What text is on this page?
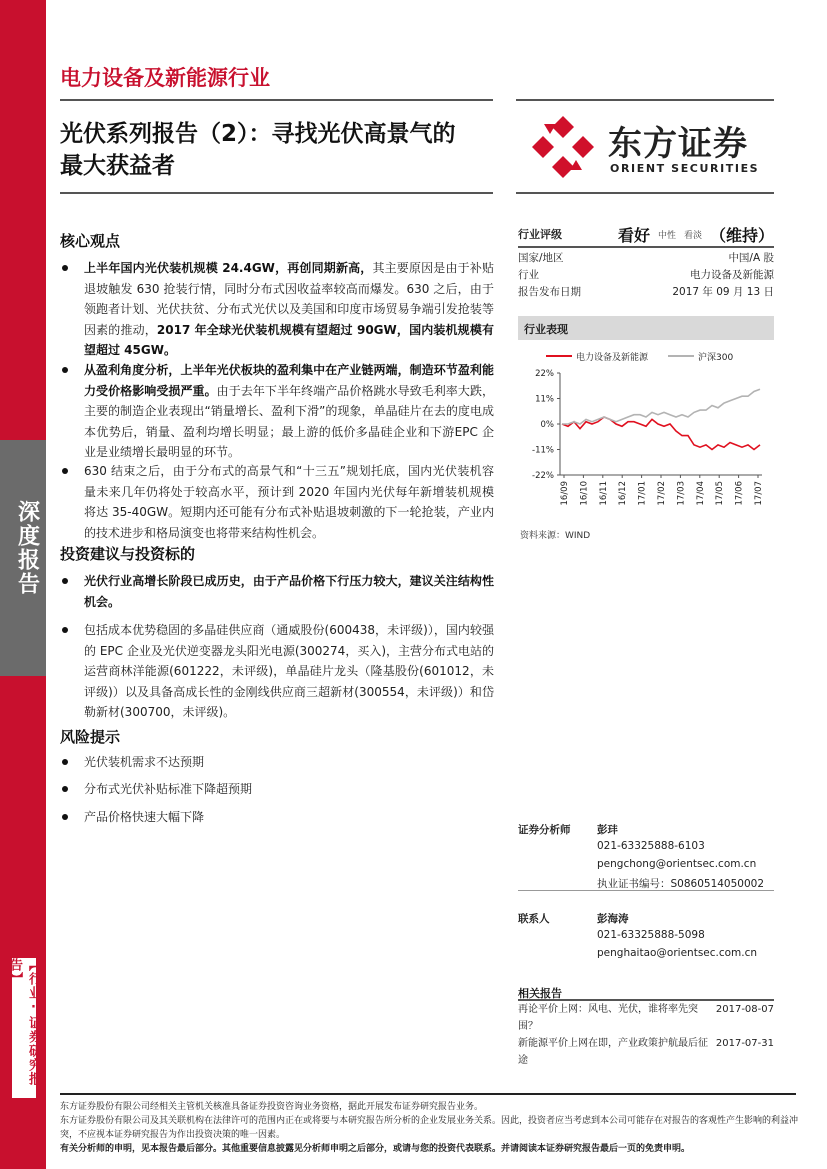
深度报告
【行业·证券研究报告】
电力设备及新能源行业
光伏系列报告（2）：寻找光伏高景气的
最大获益者
东方证券
ORIENT SECURITIES
核心观点
上半年国内光伏装机规模 24.4GW，再创同期新高，其主要原因是由于补贴退坡触发 630 抢装行情，同时分布式因收益率较高而爆发。630 之后，由于领跑者计划、光伏扶贫、分布式光伏以及美国和印度市场贸易争端引发抢装等因素的推动，2017 年全球光伏装机规模有望超过 90GW，国内装机规模有望超过 45GW。
从盈利角度分析，上半年光伏板块的盈利集中在产业链两端，制造环节盈利能力受价格影响受损严重。由于去年下半年终端产品价格跳水导致毛利率大跌，主要的制造企业表现出“销量增长、盈利下滑”的现象，单晶硅片在去的度电成本优势后，销量、盈利均增长明显；最上游的低价多晶硅企业和下游EPC 企业是业绩增长最明显的环节。
630 结束之后，由于分布式的高景气和“十三五”规划托底，国内光伏装机容量未来几年仍将处于较高水平，预计到 2020 年国内光伏每年新增装机规模将达 35-40GW。短期内还可能有分布式补贴退坡刺激的下一轮抢装，产业内的技术进步和格局演变也将带来结构性机会。
投资建议与投资标的
光伏行业高增长阶段已成历史，由于产品价格下行压力较大，建议关注结构性机会。
包括成本优势稳固的多晶硅供应商（通威股份(600438，未评级)），国内较强的 EPC 企业及光伏逆变器龙头阳光电源(300274，买入)，主营分布式电站的运营商林洋能源(601222，未评级)，单晶硅片龙头（隆基股份(601012，未评级)）以及具备高成长性的金刚线供应商三超新材(300554，未评级)）和岱勒新材(300700，未评级)。
风险提示
光伏装机需求不达预期
分布式光伏补贴标准下降超预期
产品价格快速大幅下降
行业评级	看好 中性 看淡 （维持）
国家/地区	中国/A 股
行业	电力设备及新能源
报告发布日期	2017 年 09 月 13 日
行业表现
电力设备及新能源	沪深300
22%
11%
0%
-11%
-22%
16/09 16/10 16/11 16/12 17/01 17/02 17/03 17/04 17/05 17/06 17/07
资料来源：WIND
证券分析师	彭玤
021-63325888-6103
pengchong@orientsec.com.cn
执业证书编号：S0860514050002
联系人	彭海涛
021-63325888-5098
penghaitao@orientsec.com.cn
相关报告
再论平价上网：风电、光伏，谁将率先突围？
2017-08-07
新能源平价上网在即，产业政策护航最后征途
2017-07-31
东方证券股份有限公司经相关主管机关核准具备证券投资咨询业务资格，据此开展发布证券研究报告业务。
东方证券股份有限公司及其关联机构在法律许可的范围内正在或将要与本研究报告所分析的企业发展业务关系。因此，投资者应当考虑到本公司可能存在对报告的客观性产生影响的利益冲突，不应视本证券研究报告为作出投资决策的唯一因素。
有关分析师的申明，见本报告最后部分。其他重要信息披露见分析师申明之后部分，或请与您的投资代表联系。并请阅读本证券研究报告最后一页的免责申明。
